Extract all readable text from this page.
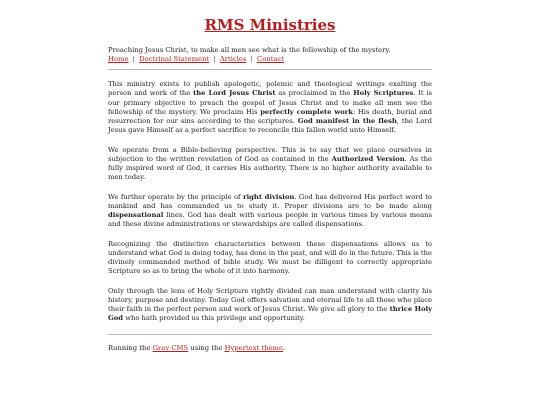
RMS Ministries

Preaching Jesus Christ, to make all men see what is the fellowship of the mystery.

Home | Doctrinal Statement | Articles | Contact

This ministry exists to publish apologetic, polemic and theological writings exalting the person and work of the the Lord Jesus Christ as proclaimed in the Holy Scriptures. It is our primary objective to preach the gospel of Jesus Christ and to make all men see the fellowship of the mystery. We proclaim His perfectly complete work: His death, burial and resurrection for our sins according to the scriptures. God manifest in the flesh, the Lord Jesus gave Himself as a perfect sacrifice to reconcile this fallen world unto Himself.

We operate from a Bible-believing perspective. This is to say that we place ourselves in subjection to the written revelation of God as contained in the Authorized Version. As the fully inspired word of God, it carries His authority. There is no higher authority available to men today.

We further operate by the principle of right division. God has delivered His perfect word to mankind and has commanded us to study it. Proper divisions are to be made along dispensational lines. God has dealt with various people in various times by various means and these divine administrations or stewardships are called dispensations.

Recognizing the distinctive characteristics between these dispensations allows us to understand what God is doing today, has done in the past, and will do in the future. This is the divinely commanded method of bible study. We must be dilligent to correctly appropriate Scripture so as to bring the whole of it into harmony.

Only through the lens of Holy Scripture rightly divided can man understand with clarity his history, purpose and destiny. Today God offers salvation and eternal life to all those who place their faith in the perfect person and work of Jesus Christ. We give all glory to the thrice Holy God who hath provided us this privilege and opportunity.

Running the Grav CMS using the Hypertext theme.
